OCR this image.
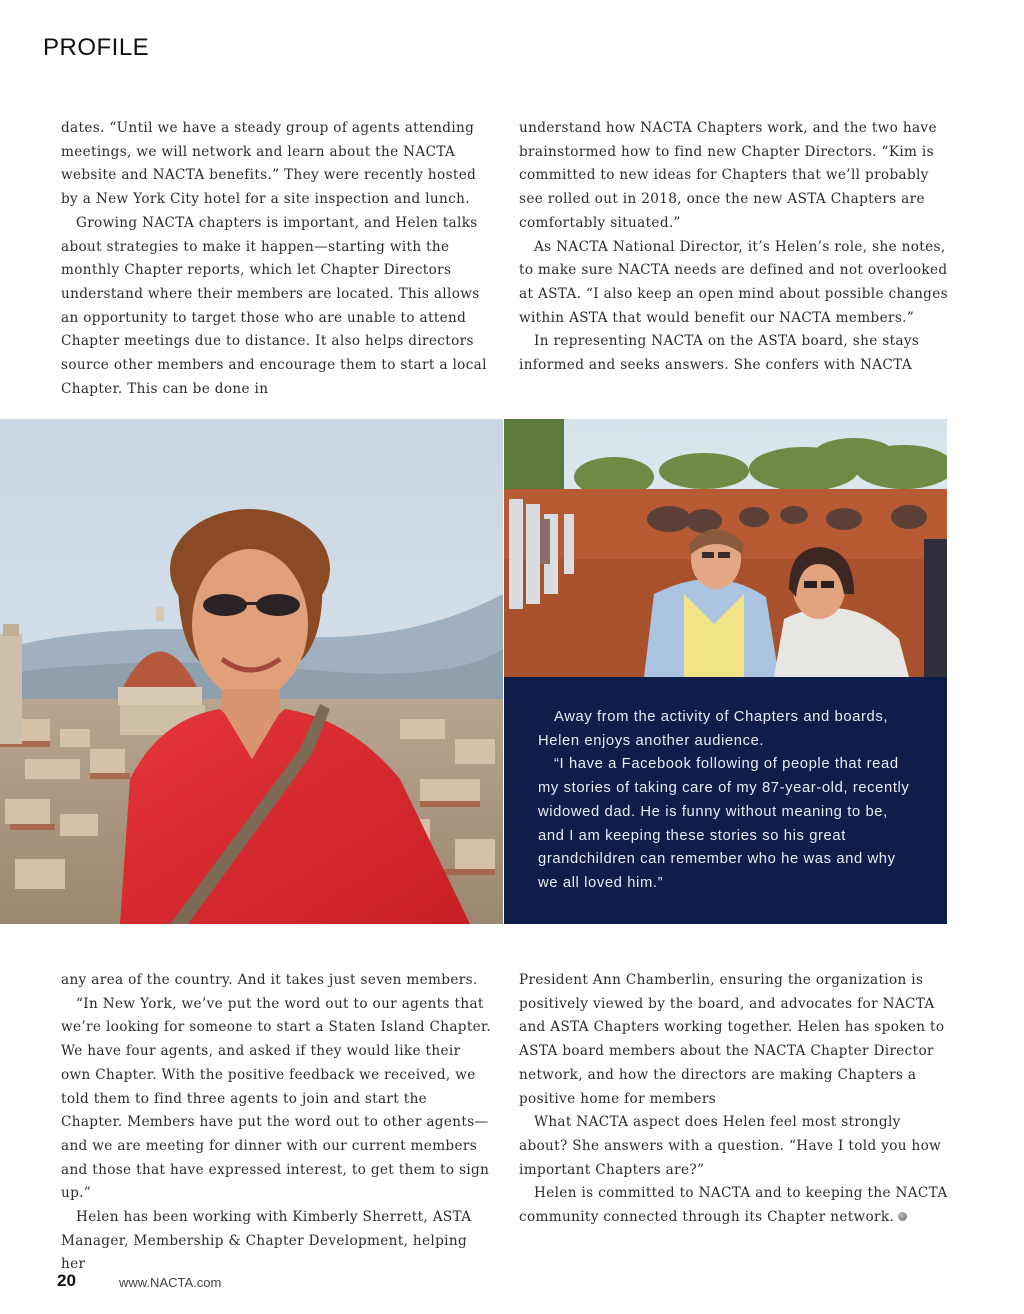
PROFILE

dates. “Until we have a steady group of agents attending meetings, we will network and learn about the NACTA website and NACTA benefits.” They were recently hosted by a New York City hotel for a site inspection and lunch.

Growing NACTA chapters is important, and Helen talks about strategies to make it happen—starting with the monthly Chapter reports, which let Chapter Directors understand where their members are located. This allows an opportunity to target those who are unable to attend Chapter meetings due to distance. It also helps directors source other members and encourage them to start a local Chapter. This can be done in

understand how NACTA Chapters work, and the two have brainstormed how to find new Chapter Directors. “Kim is committed to new ideas for Chapters that we’ll probably see rolled out in 2018, once the new ASTA Chapters are comfortably situated.”

As NACTA National Director, it’s Helen’s role, she notes, to make sure NACTA needs are defined and not overlooked at ASTA. “I also keep an open mind about possible changes within ASTA that would benefit our NACTA members.”

In representing NACTA on the ASTA board, she stays informed and seeks answers. She confers with NACTA

Away from the activity of Chapters and boards, Helen enjoys another audience.

“I have a Facebook following of people that read my stories of taking care of my 87-year-old, recently widowed dad. He is funny without meaning to be, and I am keeping these stories so his great grandchildren can remember who he was and why we all loved him.”

any area of the country. And it takes just seven members.

“In New York, we’ve put the word out to our agents that we’re looking for someone to start a Staten Island Chapter. We have four agents, and asked if they would like their own Chapter. With the positive feedback we received, we told them to find three agents to join and start the Chapter. Members have put the word out to other agents—and we are meeting for dinner with our current members and those that have expressed interest, to get them to sign up.”

Helen has been working with Kimberly Sherrett, ASTA Manager, Membership & Chapter Development, helping her

President Ann Chamberlin, ensuring the organization is positively viewed by the board, and advocates for NACTA and ASTA Chapters working together. Helen has spoken to ASTA board members about the NACTA Chapter Director network, and how the directors are making Chapters a positive home for members

What NACTA aspect does Helen feel most strongly about? She answers with a question. “Have I told you how important Chapters are?”

Helen is committed to NACTA and to keeping the NACTA community connected through its Chapter network.

20	www.NACTA.com
